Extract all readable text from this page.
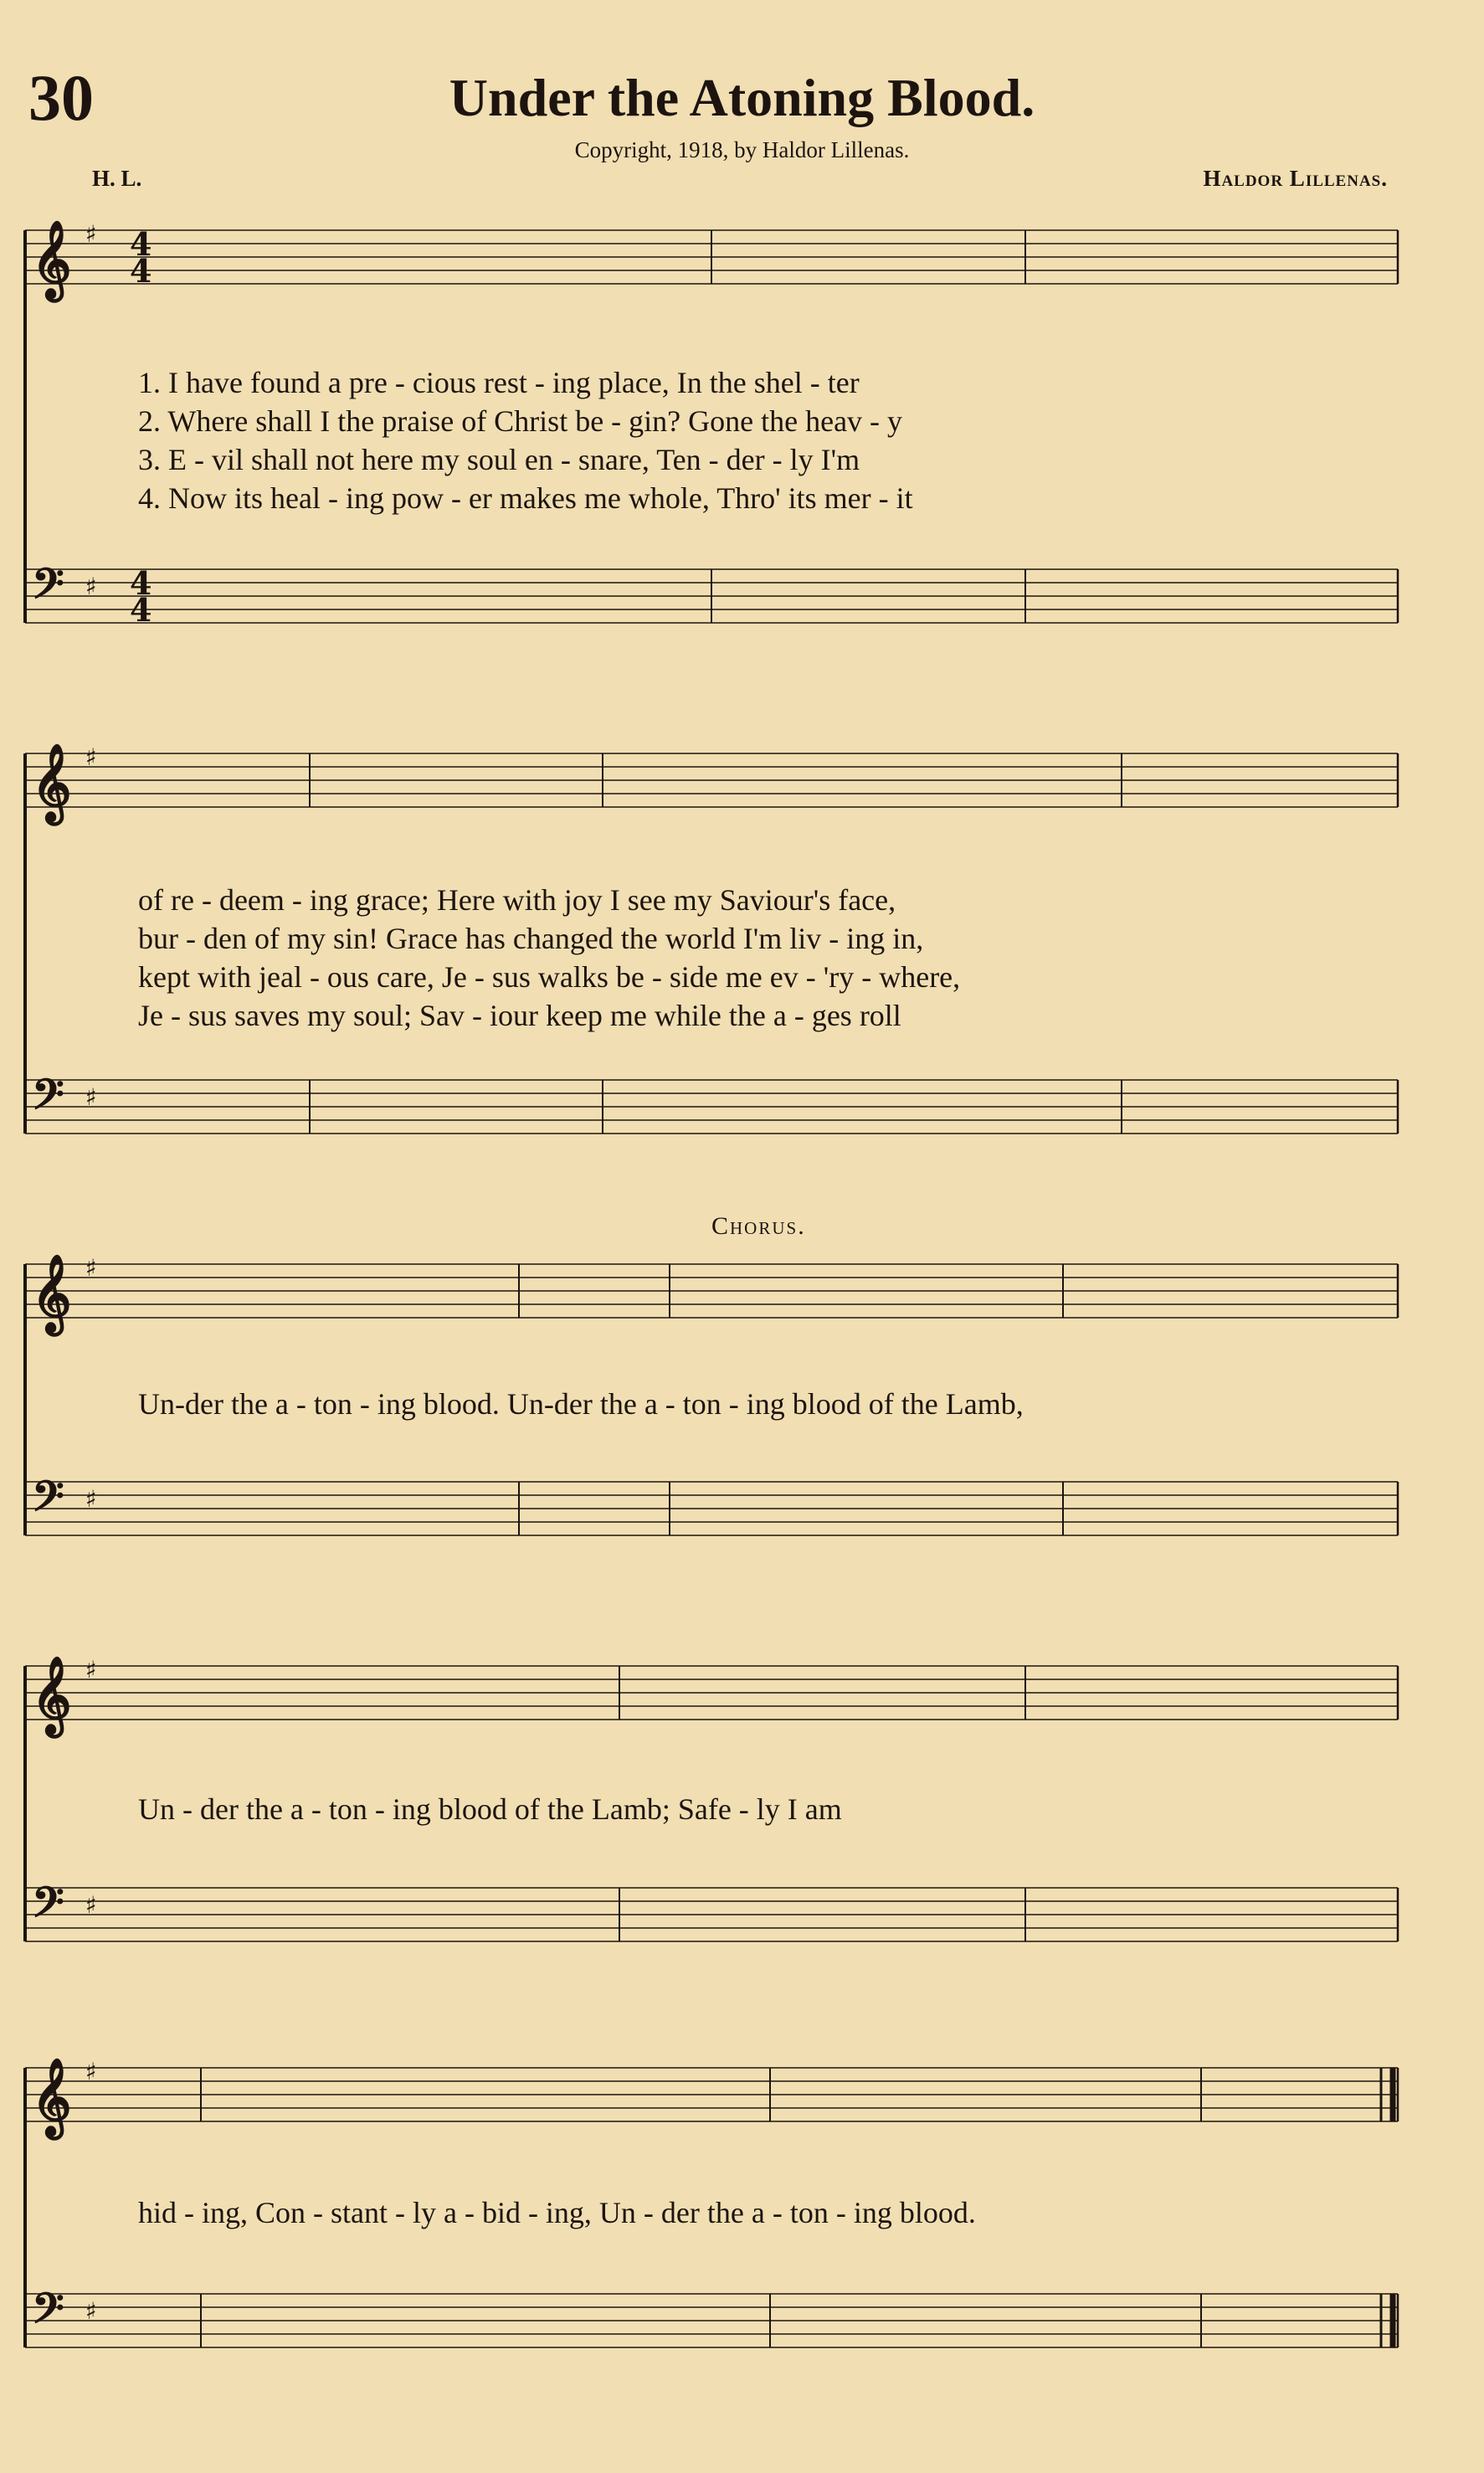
30	Under the Atoning Blood.
Copyright, 1918, by Haldor Lillenas.
H. L.	Haldor Lillenas.
𝄞
𝄢
♯
♯
𝄞
𝄢
♯
♯
𝄞
𝄢
♯
♯
𝄞
𝄢
♯
♯
𝄞
𝄢
♯
♯
4
4
4
4
1. I have found a pre - cious rest - ing place, In the shel - ter
2. Where shall I the praise of Christ be - gin? Gone the heav - y
3. E - vil shall not here my soul en - snare, Ten - der - ly I'm
4. Now its heal - ing pow - er makes me whole, Thro' its mer - it
of re - deem - ing grace; Here with joy I see my Saviour's face,
bur - den of my sin! Grace has changed the world I'm liv - ing in,
kept with jeal - ous care, Je - sus walks be - side me ev - 'ry - where,
Je - sus saves my soul; Sav - iour keep me while the a - ges roll
Chorus.
Un-der the a - ton - ing blood. Un-der the a - ton - ing blood of the Lamb,
Un - der the a - ton - ing blood of the Lamb; Safe - ly I am
hid - ing, Con - stant - ly a - bid - ing, Un - der the a - ton - ing blood.
